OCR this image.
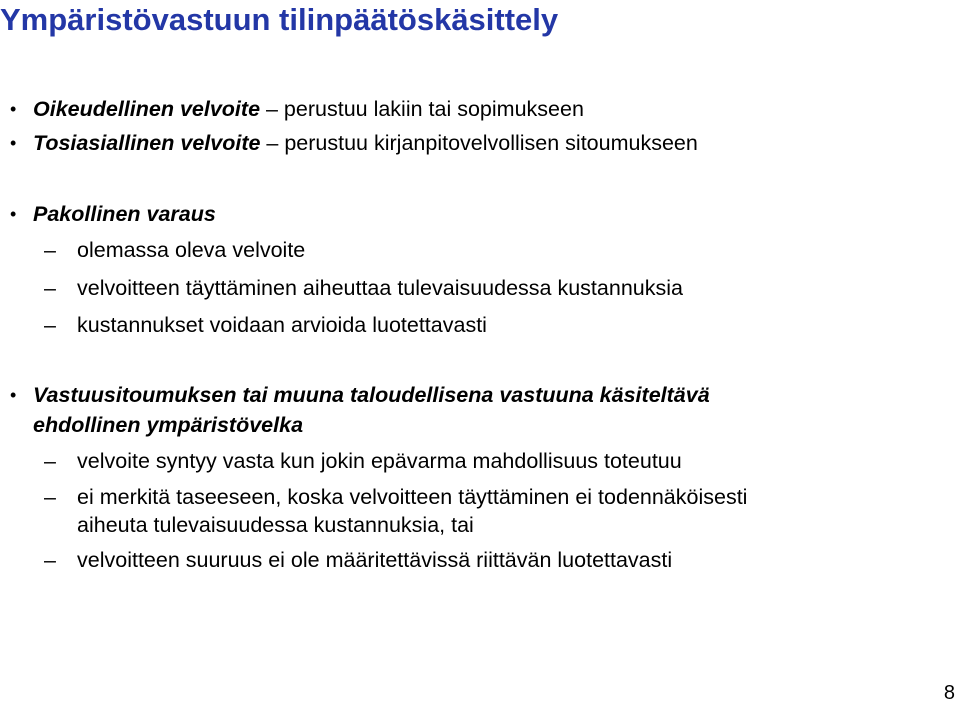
Ympäristövastuun tilinpäätöskäsittely
• Oikeudellinen velvoite – perustuu lakiin tai sopimukseen
• Tosiasiallinen velvoite – perustuu kirjanpitovelvollisen sitoumukseen
• Pakollinen varaus
– olemassa oleva velvoite
– velvoitteen täyttäminen aiheuttaa tulevaisuudessa kustannuksia
– kustannukset voidaan arvioida luotettavasti
• Vastuusitoumuksen tai muuna taloudellisena vastuuna käsiteltävä
ehdollinen ympäristövelka
– velvoite syntyy vasta kun jokin epävarma mahdollisuus toteutuu
– ei merkitä taseeseen, koska velvoitteen täyttäminen ei todennäköisesti
aiheuta tulevaisuudessa kustannuksia, tai
– velvoitteen suuruus ei ole määritettävissä riittävän luotettavasti
8
